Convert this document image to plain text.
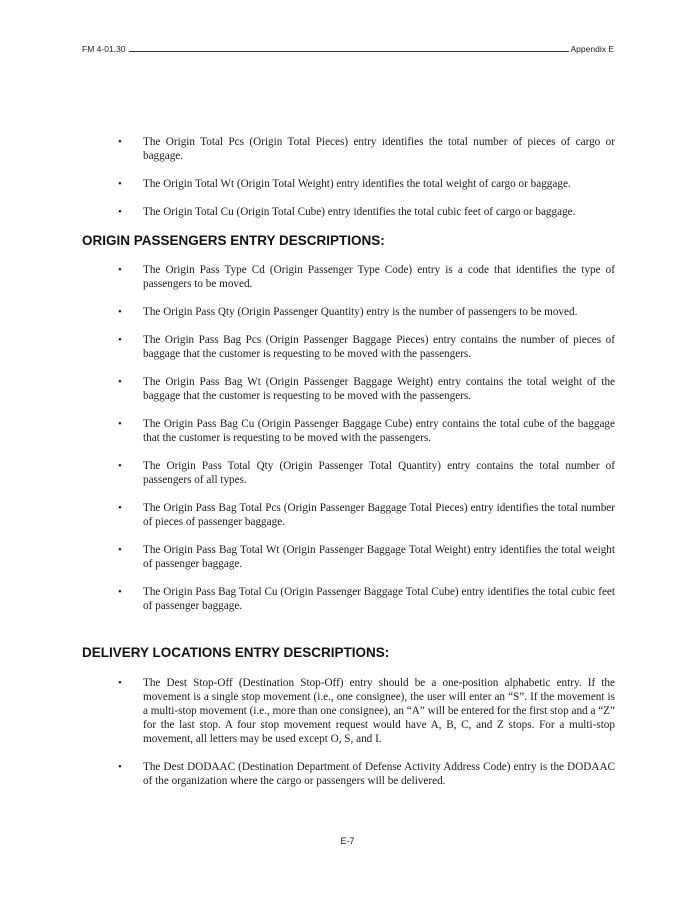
FM 4-01.30	Appendix E
• The Origin Total Pcs (Origin Total Pieces) entry identifies the total number of pieces of cargo or baggage.
• The Origin Total Wt (Origin Total Weight) entry identifies the total weight of cargo or baggage.
• The Origin Total Cu (Origin Total Cube) entry identifies the total cubic feet of cargo or baggage.
ORIGIN PASSENGERS ENTRY DESCRIPTIONS:
• The Origin Pass Type Cd (Origin Passenger Type Code) entry is a code that identifies the type of passengers to be moved.
• The Origin Pass Qty (Origin Passenger Quantity) entry is the number of passengers to be moved.
• The Origin Pass Bag Pcs (Origin Passenger Baggage Pieces) entry contains the number of pieces of baggage that the customer is requesting to be moved with the passengers.
• The Origin Pass Bag Wt (Origin Passenger Baggage Weight) entry contains the total weight of the baggage that the customer is requesting to be moved with the passengers.
• The Origin Pass Bag Cu (Origin Passenger Baggage Cube) entry contains the total cube of the baggage that the customer is requesting to be moved with the passengers.
• The Origin Pass Total Qty (Origin Passenger Total Quantity) entry contains the total number of passengers of all types.
• The Origin Pass Bag Total Pcs (Origin Passenger Baggage Total Pieces) entry identifies the total number of pieces of passenger baggage.
• The Origin Pass Bag Total Wt (Origin Passenger Baggage Total Weight) entry identifies the total weight of passenger baggage.
• The Origin Pass Bag Total Cu (Origin Passenger Baggage Total Cube) entry identifies the total cubic feet of passenger baggage.
DELIVERY LOCATIONS ENTRY DESCRIPTIONS:
• The Dest Stop-Off (Destination Stop-Off) entry should be a one-position alphabetic entry. If the movement is a single stop movement (i.e., one consignee), the user will enter an “S”. If the movement is a multi-stop movement (i.e., more than one consignee), an “A” will be entered for the first stop and a “Z” for the last stop. A four stop movement request would have A, B, C, and Z stops. For a multi-stop movement, all letters may be used except O, S, and I.
• The Dest DODAAC (Destination Department of Defense Activity Address Code) entry is the DODAAC of the organization where the cargo or passengers will be delivered.
E-7
